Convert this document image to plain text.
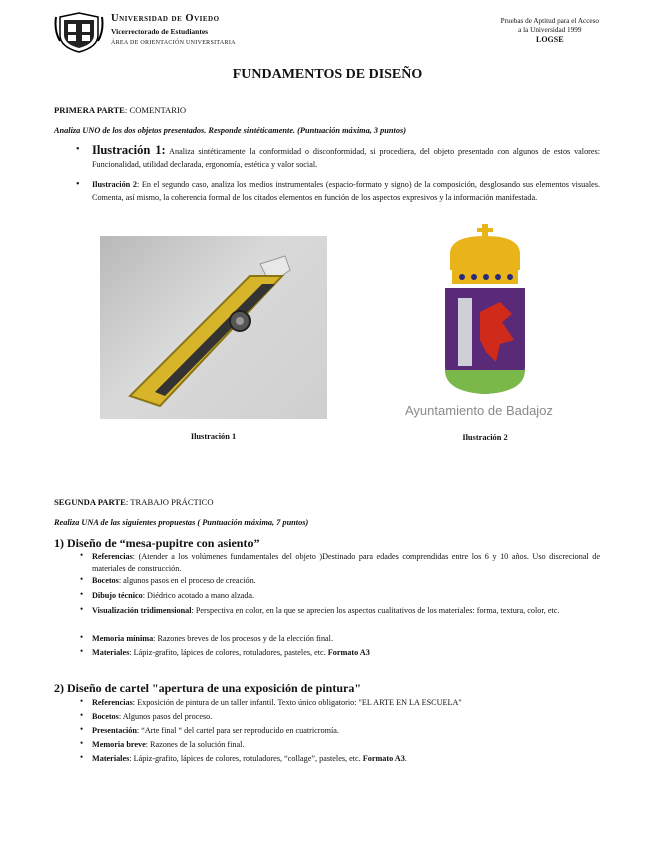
Universidad de Oviedo
Vicerrectorado de Estudiantes
ÁREA DE ORIENTACIÓN UNIVERSITARIA
Pruebas de Aptitud para el Acceso
a la Universidad 1999
LOGSE
FUNDAMENTOS DE DISEÑO
PRIMERA PARTE: COMENTARIO
Analiza UNO de los dos objetos presentados. Responde sintéticamente. (Puntuación máxima, 3 puntos)
• Ilustración 1: Analiza sintéticamente la conformidad o disconformidad, si procediera, del objeto presentado con algunos de estos valores: Funcionalidad, utilidad declarada, ergonomía, estética y valor social.
• Ilustración 2: En el segundo caso, analiza los medios instrumentales (espacio-formato y signo) de la composición, desglosando sus elementos visuales. Comenta, así mismo, la coherencia formal de los citados elementos en función de los aspectos expresivos y la información manifestada.
Ilustración 1
Ayuntamiento de Badajoz
Ilustración 2
SEGUNDA PARTE: TRABAJO PRÁCTICO
Realiza UNA de las siguientes propuestas ( Puntuación máxima, 7 puntos)
1) Diseño de “mesa-pupitre con asiento”
• Referencias: (Atender a los volúmenes fundamentales del objeto )Destinado para edades comprendidas entre los 6 y 10 años. Uso discrecional de materiales de construcción.
• Bocetos: algunos pasos en el proceso de creación.
• Dibujo técnico: Diédrico acotado a mano alzada.
• Visualización tridimensional: Perspectiva en color, en la que se aprecien los aspectos cualitativos de los materiales: forma, textura, color, etc.
• Memoria mínima: Razones breves de los procesos y de la elección final.
• Materiales: Lápiz-grafito, lápices de colores, rotuladores, pasteles, etc. Formato A3
2) Diseño de cartel "apertura de una exposición de pintura"
• Referencias: Exposición de pintura de un taller infantil. Texto único obligatorio: "EL ARTE EN LA ESCUELA"
• Bocetos: Algunos pasos del proceso.
• Presentación: “Arte final “ del cartel para ser reproducido en cuatricromía.
• Memoria breve: Razones de la solución final.
• Materiales: Lápiz-grafito, lápices de colores, rotuladores, “collage”, pasteles, etc. Formato A3.
